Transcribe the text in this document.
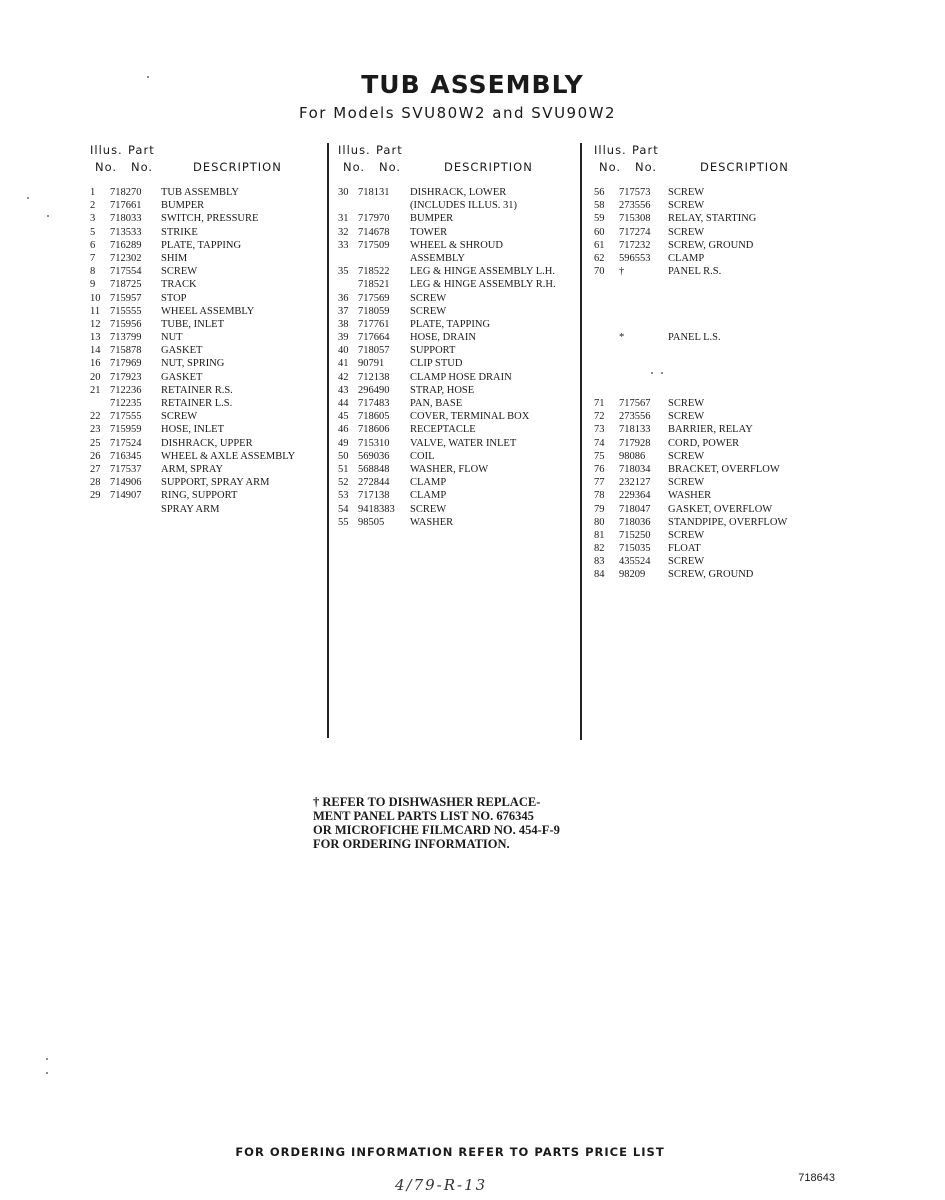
TUB ASSEMBLY
For Models SVU80W2 and SVU90W2
Illus. Part
No. No.	DESCRIPTION
1 718270 TUB ASSEMBLY
2 717661 BUMPER
3 718033 SWITCH, PRESSURE
5 713533 STRIKE
6 716289 PLATE, TAPPING
7 712302 SHIM
8 717554 SCREW
9 718725 TRACK
10 715957 STOP
11 715555 WHEEL ASSEMBLY
12 715956 TUBE, INLET
13 713799 NUT
14 715878 GASKET
16 717969 NUT, SPRING
20 717923 GASKET
21 712236 RETAINER R.S.
712235 RETAINER L.S.
22 717555 SCREW
23 715959 HOSE, INLET
25 717524 DISHRACK, UPPER
26 716345 WHEEL & AXLE ASSEMBLY
27 717537 ARM, SPRAY
28 714906 SUPPORT, SPRAY ARM
29 714907 RING, SUPPORT
SPRAY ARM
Illus. Part
No. No.	DESCRIPTION
30 718131 DISHRACK, LOWER
(INCLUDES ILLUS. 31)
31 717970 BUMPER
32 714678 TOWER
33 717509 WHEEL & SHROUD
ASSEMBLY
35 718522 LEG & HINGE ASSEMBLY L.H.
718521 LEG & HINGE ASSEMBLY R.H.
36 717569 SCREW
37 718059 SCREW
38 717761 PLATE, TAPPING
39 717664 HOSE, DRAIN
40 718057 SUPPORT
41 90791 CLIP STUD
42 712138 CLAMP HOSE DRAIN
43 296490 STRAP, HOSE
44 717483 PAN, BASE
45 718605 COVER, TERMINAL BOX
46 718606 RECEPTACLE
49 715310 VALVE, WATER INLET
50 569036 COIL
51 568848 WASHER, FLOW
52 272844 CLAMP
53 717138 CLAMP
54 9418383 SCREW
55 98505 WASHER
Illus. Part
No. No.	DESCRIPTION
56 717573 SCREW
58 273556 SCREW
59 715308 RELAY, STARTING
60 717274 SCREW
61 717232 SCREW, GROUND
62 596553 CLAMP
70 †	PANEL R.S.
*	PANEL L.S.
71 717567 SCREW
72 273556 SCREW
73 718133 BARRIER, RELAY
74 717928 CORD, POWER
75 98086 SCREW
76 718034 BRACKET, OVERFLOW
77 232127 SCREW
78 229364 WASHER
79 718047 GASKET, OVERFLOW
80 718036 STANDPIPE, OVERFLOW
81 715250 SCREW
82 715035 FLOAT
83 435524 SCREW
84 98209 SCREW, GROUND
† REFER TO DISHWASHER REPLACE-
MENT PANEL PARTS LIST NO. 676345
OR MICROFICHE FILMCARD NO. 454-F-9
FOR ORDERING INFORMATION.
FOR ORDERING INFORMATION REFER TO PARTS PRICE LIST
718643
4/79-R-13
